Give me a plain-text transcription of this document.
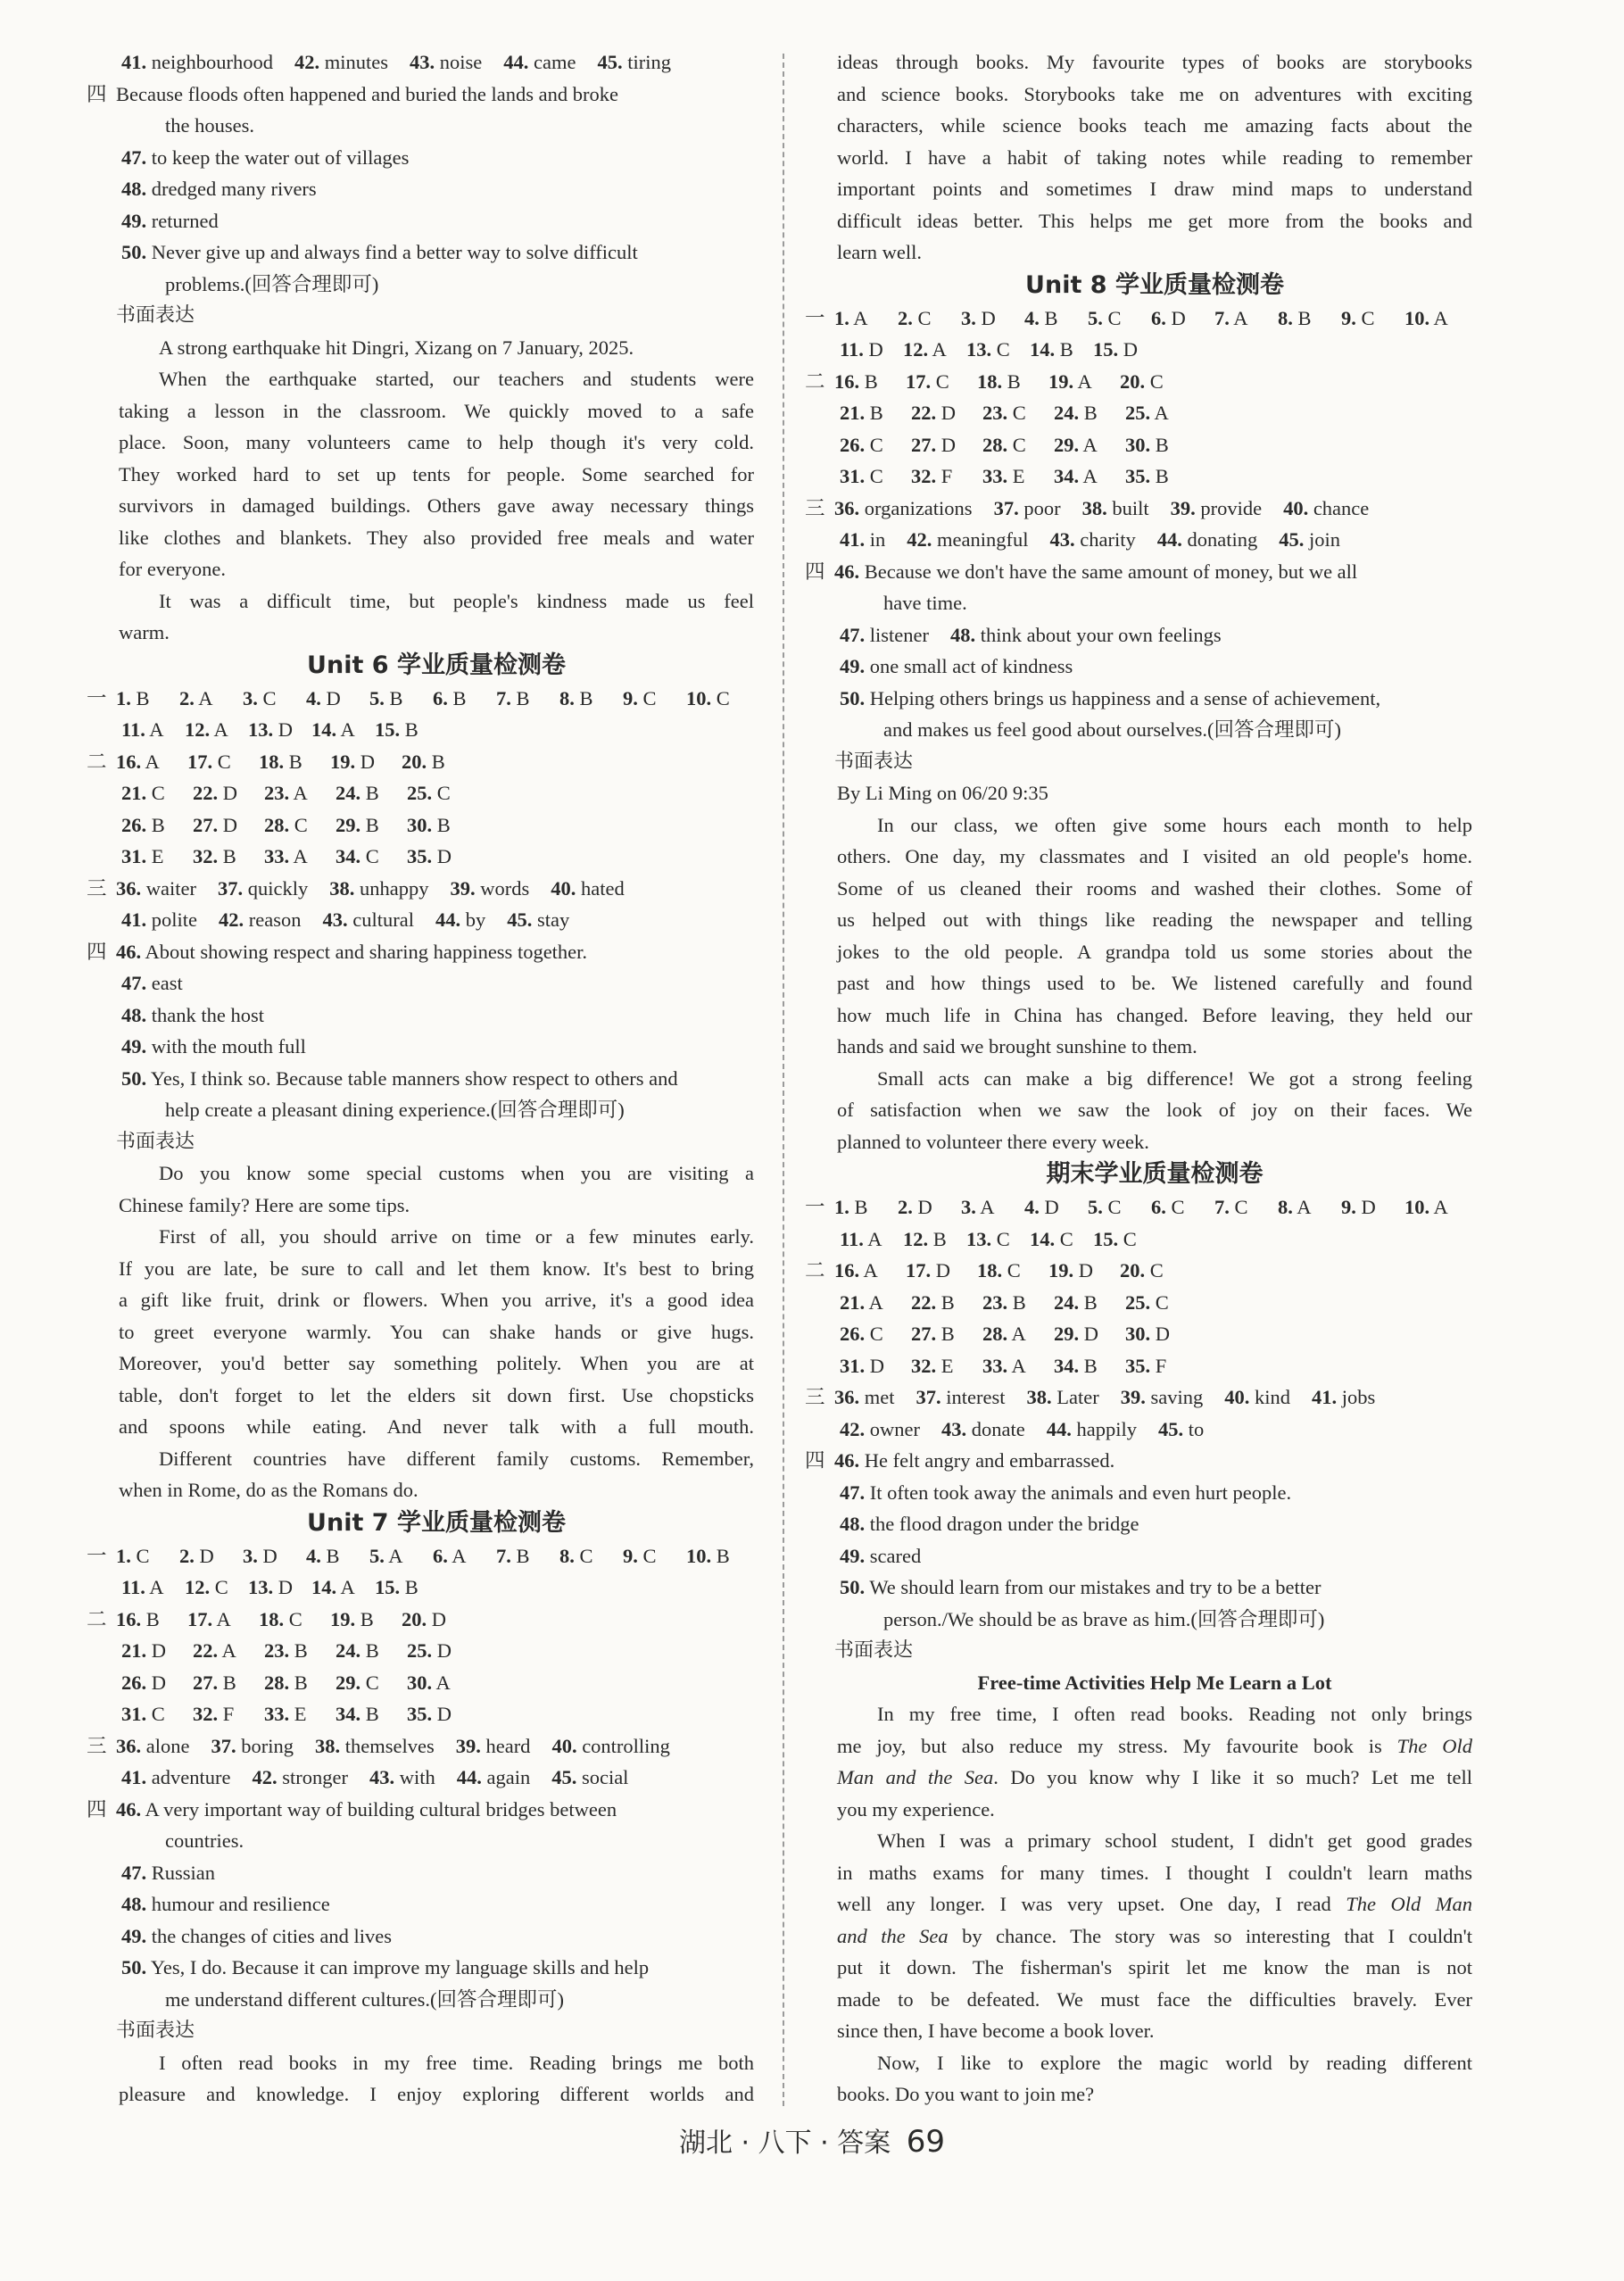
41. neighbourhood 42. minutes 43. noise 44. came 45. tiring
四 Because floods often happened and buried the lands and broke
the houses.
47. to keep the water out of villages
48. dredged many rivers
49. returned
50. Never give up and always find a better way to solve difficult
problems.(回答合理即可)
书面表达
A strong earthquake hit Dingri, Xizang on 7 January, 2025.
When the earthquake started, our teachers and students were
taking a lesson in the classroom. We quickly moved to a safe
place. Soon, many volunteers came to help though it's very cold.
They worked hard to set up tents for people. Some searched for
survivors in damaged buildings. Others gave away necessary things
like clothes and blankets. They also provided free meals and water
for everyone.
It was a difficult time, but people's kindness made us feel
warm.
Unit 6 学业质量检测卷
一 1. B 2. A 3. C 4. D 5. B 6. B 7. B 8. B 9. C 10. C
11. A 12. A 13. D 14. A 15. B
二 16. A 17. C 18. B 19. D 20. B
21. C 22. D 23. A 24. B 25. C
26. B 27. D 28. C 29. B 30. B
31. E 32. B 33. A 34. C 35. D
三 36. waiter 37. quickly 38. unhappy 39. words 40. hated
41. polite 42. reason 43. cultural 44. by 45. stay
四 46. About showing respect and sharing happiness together.
47. east
48. thank the host
49. with the mouth full
50. Yes, I think so. Because table manners show respect to others and
help create a pleasant dining experience.(回答合理即可)
书面表达
Do you know some special customs when you are visiting a
Chinese family? Here are some tips.
First of all, you should arrive on time or a few minutes early.
If you are late, be sure to call and let them know. It's best to bring
a gift like fruit, drink or flowers. When you arrive, it's a good idea
to greet everyone warmly. You can shake hands or give hugs.
Moreover, you'd better say something politely. When you are at
table, don't forget to let the elders sit down first. Use chopsticks
and spoons while eating. And never talk with a full mouth.
Different countries have different family customs. Remember,
when in Rome, do as the Romans do.
Unit 7 学业质量检测卷
一 1. C 2. D 3. D 4. B 5. A 6. A 7. B 8. C 9. C 10. B
11. A 12. C 13. D 14. A 15. B
二 16. B 17. A 18. C 19. B 20. D
21. D 22. A 23. B 24. B 25. D
26. D 27. B 28. B 29. C 30. A
31. C 32. F 33. E 34. B 35. D
三 36. alone 37. boring 38. themselves 39. heard 40. controlling
41. adventure 42. stronger 43. with 44. again 45. social
四 46. A very important way of building cultural bridges between
countries.
47. Russian
48. humour and resilience
49. the changes of cities and lives
50. Yes, I do. Because it can improve my language skills and help
me understand different cultures.(回答合理即可)
书面表达
I often read books in my free time. Reading brings me both
pleasure and knowledge. I enjoy exploring different worlds and
ideas through books. My favourite types of books are storybooks
and science books. Storybooks take me on adventures with exciting
characters, while science books teach me amazing facts about the
world. I have a habit of taking notes while reading to remember
important points and sometimes I draw mind maps to understand
difficult ideas better. This helps me get more from the books and
learn well.
Unit 8 学业质量检测卷
一 1. A 2. C 3. D 4. B 5. C 6. D 7. A 8. B 9. C 10. A
11. D 12. A 13. C 14. B 15. D
二 16. B 17. C 18. B 19. A 20. C
21. B 22. D 23. C 24. B 25. A
26. C 27. D 28. C 29. A 30. B
31. C 32. F 33. E 34. A 35. B
三 36. organizations 37. poor 38. built 39. provide 40. chance
41. in 42. meaningful 43. charity 44. donating 45. join
四 46. Because we don't have the same amount of money, but we all
have time.
47. listener 48. think about your own feelings
49. one small act of kindness
50. Helping others brings us happiness and a sense of achievement,
and makes us feel good about ourselves.(回答合理即可)
书面表达
By Li Ming on 06/20 9:35
In our class, we often give some hours each month to help
others. One day, my classmates and I visited an old people's home.
Some of us cleaned their rooms and washed their clothes. Some of
us helped out with things like reading the newspaper and telling
jokes to the old people. A grandpa told us some stories about the
past and how things used to be. We listened carefully and found
how much life in China has changed. Before leaving, they held our
hands and said we brought sunshine to them.
Small acts can make a big difference! We got a strong feeling
of satisfaction when we saw the look of joy on their faces. We
planned to volunteer there every week.
期末学业质量检测卷
一 1. B 2. D 3. A 4. D 5. C 6. C 7. C 8. A 9. D 10. A
11. A 12. B 13. C 14. C 15. C
二 16. A 17. D 18. C 19. D 20. C
21. A 22. B 23. B 24. B 25. C
26. C 27. B 28. A 29. D 30. D
31. D 32. E 33. A 34. B 35. F
三 36. met 37. interest 38. Later 39. saving 40. kind 41. jobs
42. owner 43. donate 44. happily 45. to
四 46. He felt angry and embarrassed.
47. It often took away the animals and even hurt people.
48. the flood dragon under the bridge
49. scared
50. We should learn from our mistakes and try to be a better
person./We should be as brave as him.(回答合理即可)
书面表达
Free-time Activities Help Me Learn a Lot
In my free time, I often read books. Reading not only brings
me joy, but also reduce my stress. My favourite book is The Old
Man and the Sea. Do you know why I like it so much? Let me tell
you my experience.
When I was a primary school student, I didn't get good grades
in maths exams for many times. I thought I couldn't learn maths
well any longer. I was very upset. One day, I read The Old Man
and the Sea by chance. The story was so interesting that I couldn't
put it down. The fisherman's spirit let me know the man is not
made to be defeated. We must face the difficulties bravely. Ever
since then, I have become a book lover.
Now, I like to explore the magic world by reading different
books. Do you want to join me?
湖北 · 八下 · 答案 69
